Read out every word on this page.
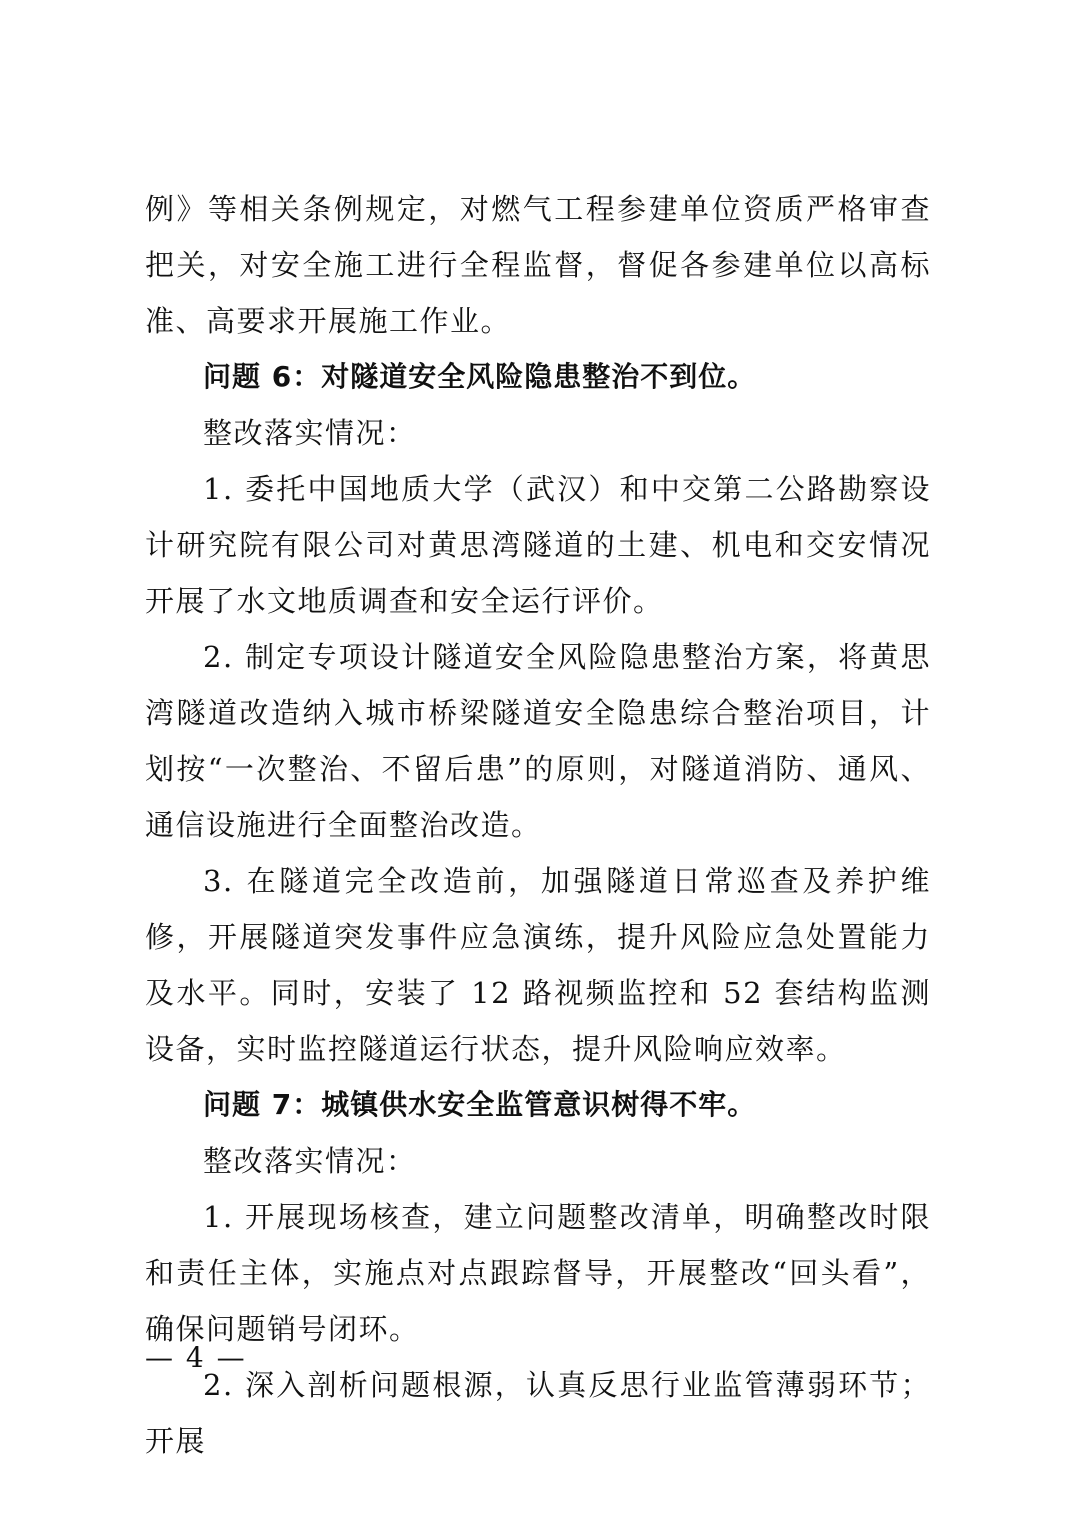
例》等相关条例规定，对燃气工程参建单位资质严格审查把关，对安全施工进行全程监督，督促各参建单位以高标准、高要求开展施工作业。

问题 6：对隧道安全风险隐患整治不到位。

整改落实情况：

1. 委托中国地质大学（武汉）和中交第二公路勘察设计研究院有限公司对黄思湾隧道的土建、机电和交安情况开展了水文地质调查和安全运行评价。

2. 制定专项设计隧道安全风险隐患整治方案，将黄思湾隧道改造纳入城市桥梁隧道安全隐患综合整治项目，计划按“一次整治、不留后患”的原则，对隧道消防、通风、通信设施进行全面整治改造。

3. 在隧道完全改造前，加强隧道日常巡查及养护维修，开展隧道突发事件应急演练，提升风险应急处置能力及水平。同时，安装了 12 路视频监控和 52 套结构监测设备，实时监控隧道运行状态，提升风险响应效率。

问题 7：城镇供水安全监管意识树得不牢。

整改落实情况：

1. 开展现场核查，建立问题整改清单，明确整改时限和责任主体，实施点对点跟踪督导，开展整改“回头看”，确保问题销号闭环。

2. 深入剖析问题根源，认真反思行业监管薄弱环节；开展

— 4 —
